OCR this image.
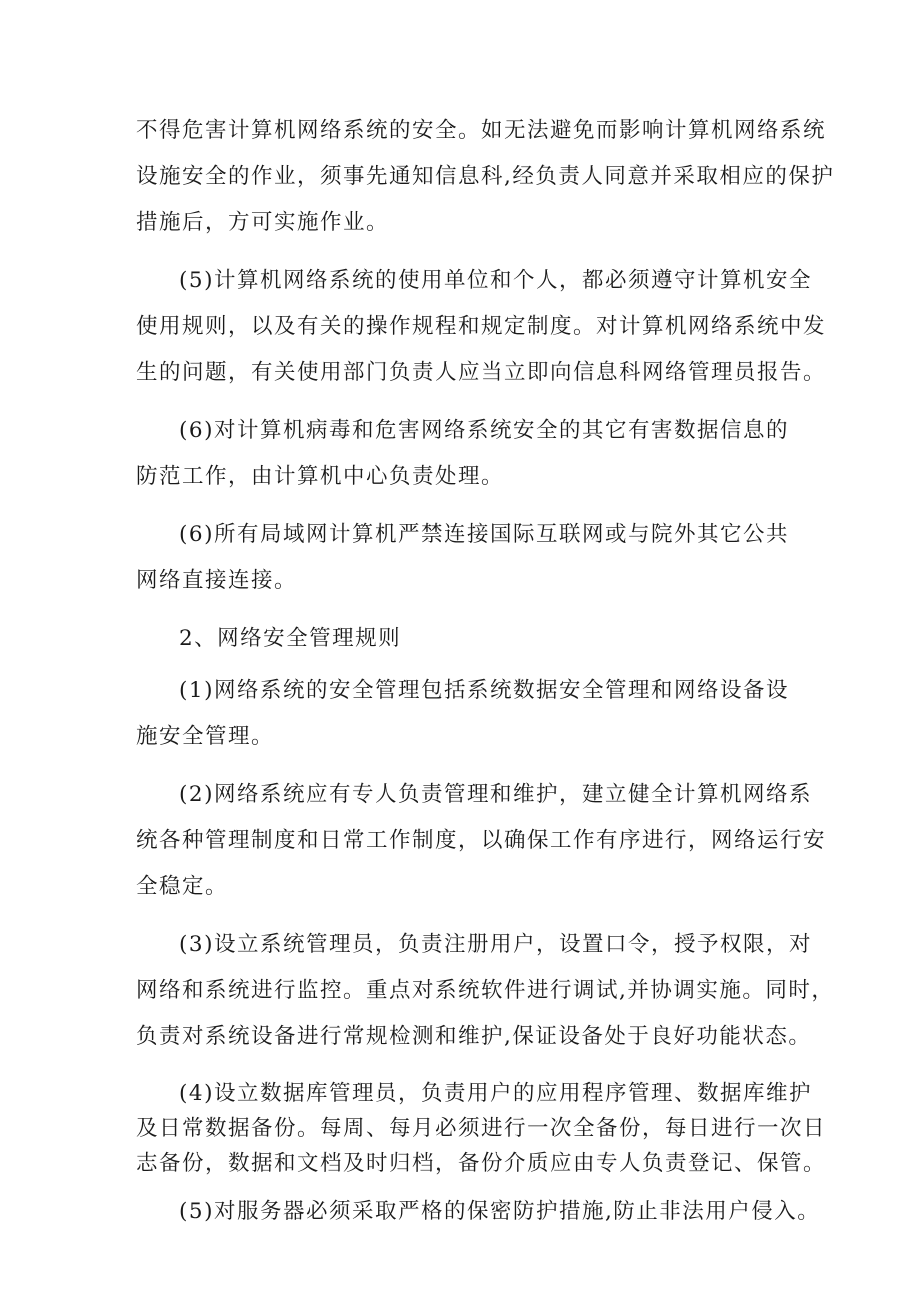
不得危害计算机网络系统的安全。如无法避免而影响计算机网络系统
设施安全的作业，须事先通知信息科,经负责人同意并采取相应的保护
措施后，方可实施作业。

(5)计算机网络系统的使用单位和个人，都必须遵守计算机安全
使用规则，以及有关的操作规程和规定制度。对计算机网络系统中发
生的问题，有关使用部门负责人应当立即向信息科网络管理员报告。

(6)对计算机病毒和危害网络系统安全的其它有害数据信息的
防范工作，由计算机中心负责处理。

(6)所有局域网计算机严禁连接国际互联网或与院外其它公共
网络直接连接。

2、网络安全管理规则

(1)网络系统的安全管理包括系统数据安全管理和网络设备设
施安全管理。

(2)网络系统应有专人负责管理和维护，建立健全计算机网络系
统各种管理制度和日常工作制度，以确保工作有序进行，网络运行安
全稳定。

(3)设立系统管理员，负责注册用户，设置口令，授予权限，对
网络和系统进行监控。重点对系统软件进行调试,并协调实施。同时，
负责对系统设备进行常规检测和维护,保证设备处于良好功能状态。

(4)设立数据库管理员，负责用户的应用程序管理、数据库维护
及日常数据备份。每周、每月必须进行一次全备份，每日进行一次日
志备份，数据和文档及时归档，备份介质应由专人负责登记、保管。

(5)对服务器必须采取严格的保密防护措施,防止非法用户侵入。
